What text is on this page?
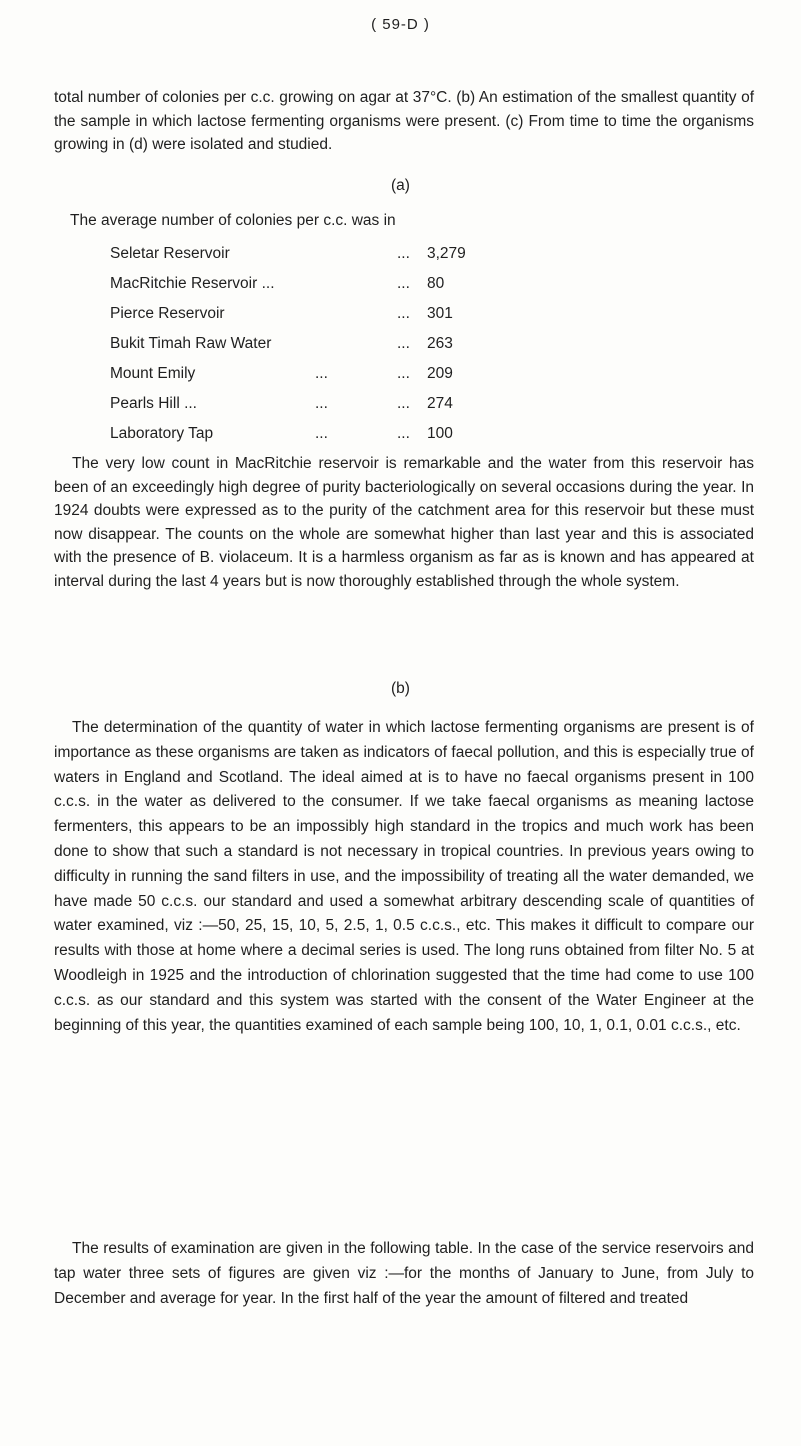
( 59-D )

total number of colonies per c.c. growing on agar at 37°C. (b) An estimation of the smallest quantity of the sample in which lactose fermenting organisms were present. (c) From time to time the organisms growing in (d) were isolated and studied.

(a)
The average number of colonies per c.c. was in
Seletar Reservoir	... 3,279
MacRitchie Reservoir ...	... 80
Pierce Reservoir	... 301
Bukit Timah Raw Water	... 263
Mount Emily	...	... 209
Pearls Hill ...	...	... 274
Laboratory Tap	...	... 100

The very low count in MacRitchie reservoir is remarkable and the water from this reservoir has been of an exceedingly high degree of purity bacteriologically on several occasions during the year. In 1924 doubts were expressed as to the purity of the catchment area for this reservoir but these must now disappear. The counts on the whole are somewhat higher than last year and this is associated with the presence of B. violaceum. It is a harmless organism as far as is known and has appeared at interval during the last 4 years but is now thoroughly established through the whole system.

(b)

The determination of the quantity of water in which lactose fermenting organisms are present is of importance as these organisms are taken as indicators of faecal pollution, and this is especially true of waters in England and Scotland. The ideal aimed at is to have no faecal organisms present in 100 c.c.s. in the water as delivered to the consumer. If we take faecal organisms as meaning lactose fermenters, this appears to be an impossibly high standard in the tropics and much work has been done to show that such a standard is not necessary in tropical countries. In previous years owing to difficulty in running the sand filters in use, and the impossibility of treating all the water demanded, we have made 50 c.c.s. our standard and used a somewhat arbitrary descending scale of quantities of water examined, viz :—50, 25, 15, 10, 5, 2.5, 1, 0.5 c.c.s., etc. This makes it difficult to compare our results with those at home where a decimal series is used. The long runs obtained from filter No. 5 at Woodleigh in 1925 and the introduction of chlorination suggested that the time had come to use 100 c.c.s. as our standard and this system was started with the consent of the Water Engineer at the beginning of this year, the quantities examined of each sample being 100, 10, 1, 0.1, 0.01 c.c.s., etc.

The results of examination are given in the following table. In the case of the service reservoirs and tap water three sets of figures are given viz :—for the months of January to June, from July to December and average for year. In the first half of the year the amount of filtered and treated
